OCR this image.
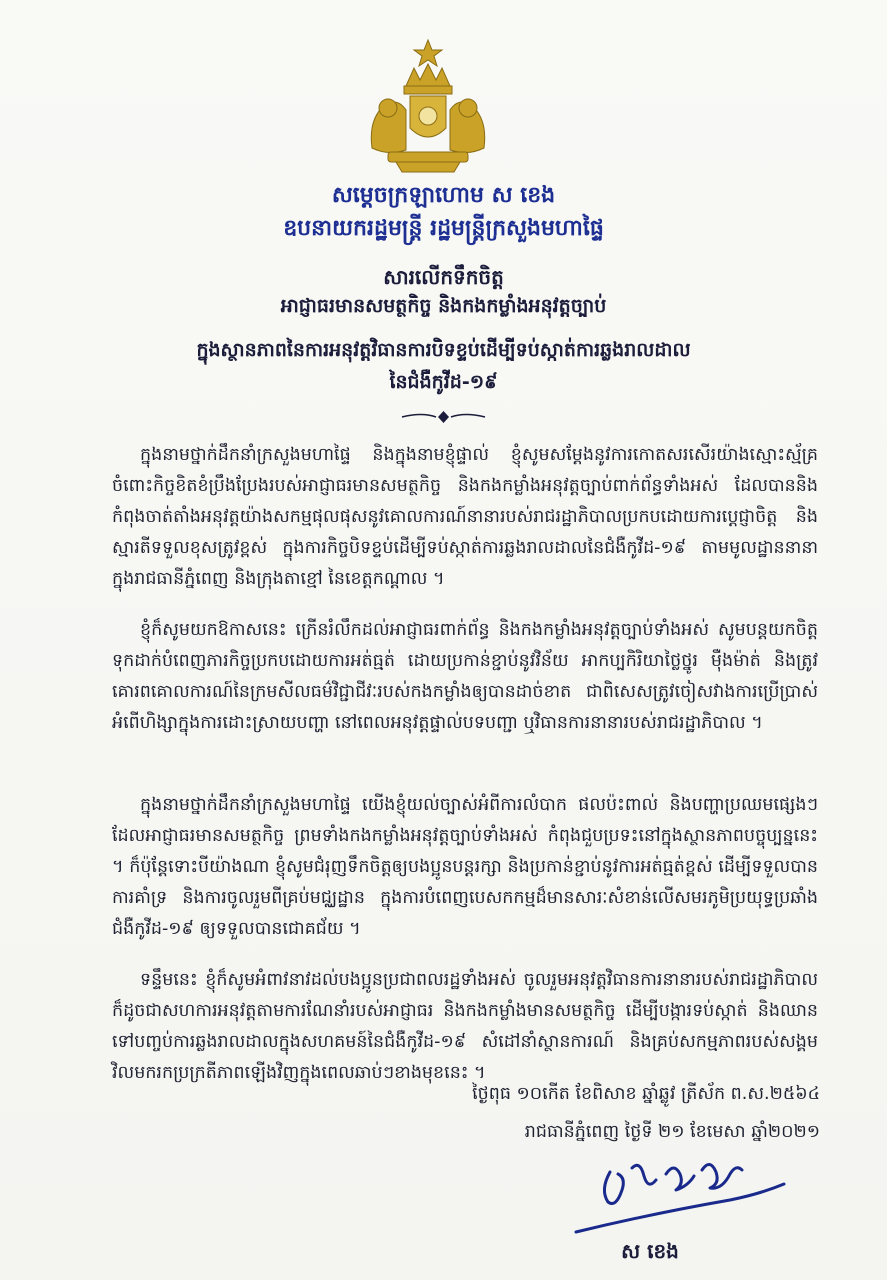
សម្តេចក្រឡាហោម ស ខេង
ឧបនាយករដ្ឋមន្ត្រី រដ្ឋមន្ត្រីក្រសួងមហាផ្ទៃ
សារលើកទឹកចិត្ត
អាជ្ញាធរមានសមត្ថកិច្ច និងកងកម្លាំងអនុវត្តច្បាប់
ក្នុងស្ថានភាពនៃការអនុវត្តវិធានការបិទខ្ទប់ដើម្បីទប់ស្កាត់ការឆ្លងរាលដាល
នៃជំងឺកូវីដ-១៩
ក្នុងនាមថ្នាក់ដឹកនាំក្រសួងមហាផ្ទៃ និងក្នុងនាមខ្ញុំផ្ទាល់ ខ្ញុំសូមសម្តែងនូវការកោតសរសើរយ៉ាងស្មោះស្ម័គ្រចំពោះកិច្ចខិតខំប្រឹងប្រែងរបស់អាជ្ញាធរមានសមត្ថកិច្ច និងកងកម្លាំងអនុវត្តច្បាប់ពាក់ព័ន្ធទាំងអស់ ដែលបាននិងកំពុងចាត់តាំងអនុវត្តយ៉ាងសកម្មផុលផុសនូវគោលការណ៍នានារបស់រាជរដ្ឋាភិបាលប្រកបដោយការប្តេជ្ញាចិត្ត និងស្មារតីទទួលខុសត្រូវខ្ពស់ ក្នុងការកិច្ចបិទខ្ទប់ដើម្បីទប់ស្កាត់ការឆ្លងរាលដាលនៃជំងឺកូវីដ-១៩ តាមមូលដ្ឋាននានាក្នុងរាជធានីភ្នំពេញ និងក្រុងតាខ្មៅ នៃខេត្តកណ្តាល ។
ខ្ញុំក៏សូមយកឱកាសនេះ ក្រើនរំលឹកដល់អាជ្ញាធរពាក់ព័ន្ធ និងកងកម្លាំងអនុវត្តច្បាប់ទាំងអស់ សូមបន្តយកចិត្តទុកដាក់បំពេញភារកិច្ចប្រកបដោយការអត់ធ្មត់ ដោយប្រកាន់ខ្ជាប់នូវវិន័យ អាកប្បកិរិយាថ្លៃថ្នូរ ម៉ឺងម៉ាត់ និងត្រូវគោរពគោលការណ៍នៃក្រមសីលធម៌វិជ្ជាជីវៈរបស់កងកម្លាំងឲ្យបានដាច់ខាត ជាពិសេសត្រូវចៀសវាងការប្រើប្រាស់អំពើហិង្សាក្នុងការដោះស្រាយបញ្ហា នៅពេលអនុវត្តផ្ទាល់បទបញ្ជា ឬវិធានការនានារបស់រាជរដ្ឋាភិបាល ។
ក្នុងនាមថ្នាក់ដឹកនាំក្រសួងមហាផ្ទៃ យើងខ្ញុំយល់ច្បាស់អំពីការលំបាក ផលប៉ះពាល់ និងបញ្ហាប្រឈមផ្សេងៗ ដែលអាជ្ញាធរមានសមត្ថកិច្ច ព្រមទាំងកងកម្លាំងអនុវត្តច្បាប់ទាំងអស់ កំពុងជួបប្រទះនៅក្នុងស្ថានភាពបច្ចុប្បន្ននេះ ។ ក៏ប៉ុន្តែទោះបីយ៉ាងណា ខ្ញុំសូមជំរុញទឹកចិត្តឲ្យបងប្អូនបន្តរក្សា និងប្រកាន់ខ្ជាប់នូវការអត់ធ្មត់ខ្ពស់ ដើម្បីទទួលបានការគាំទ្រ និងការចូលរួមពីគ្រប់មជ្ឈដ្ឋាន ក្នុងការបំពេញបេសកកម្មដ៏មានសារៈសំខាន់លើសមរភូមិប្រយុទ្ធប្រឆាំងជំងឺកូវីដ-១៩ ឲ្យទទួលបានជោគជ័យ ។
ទន្ទឹមនេះ ខ្ញុំក៏សូមអំពាវនាវដល់បងប្អូនប្រជាពលរដ្ឋទាំងអស់ ចូលរួមអនុវត្តវិធានការនានារបស់រាជរដ្ឋាភិបាល ក៏ដូចជាសហការអនុវត្តតាមការណែនាំរបស់អាជ្ញាធរ និងកងកម្លាំងមានសមត្ថកិច្ច ដើម្បីបង្ការទប់ស្កាត់ និងឈានទៅបញ្ចប់ការឆ្លងរាលដាលក្នុងសហគមន៍នៃជំងឺកូវីដ-១៩ សំដៅនាំស្ថានការណ៍ និងគ្រប់សកម្មភាពរបស់សង្គម វិលមករកប្រក្រតីភាពឡើងវិញក្នុងពេលឆាប់ៗខាងមុខនេះ ។
ថ្ងៃពុធ ១០កើត ខែពិសាខ ឆ្នាំឆ្លូវ ត្រីស័ក ព.ស.២៥៦៤
រាជធានីភ្នំពេញ ថ្ងៃទី ២១ ខែមេសា ឆ្នាំ២០២១
ស ខេង
